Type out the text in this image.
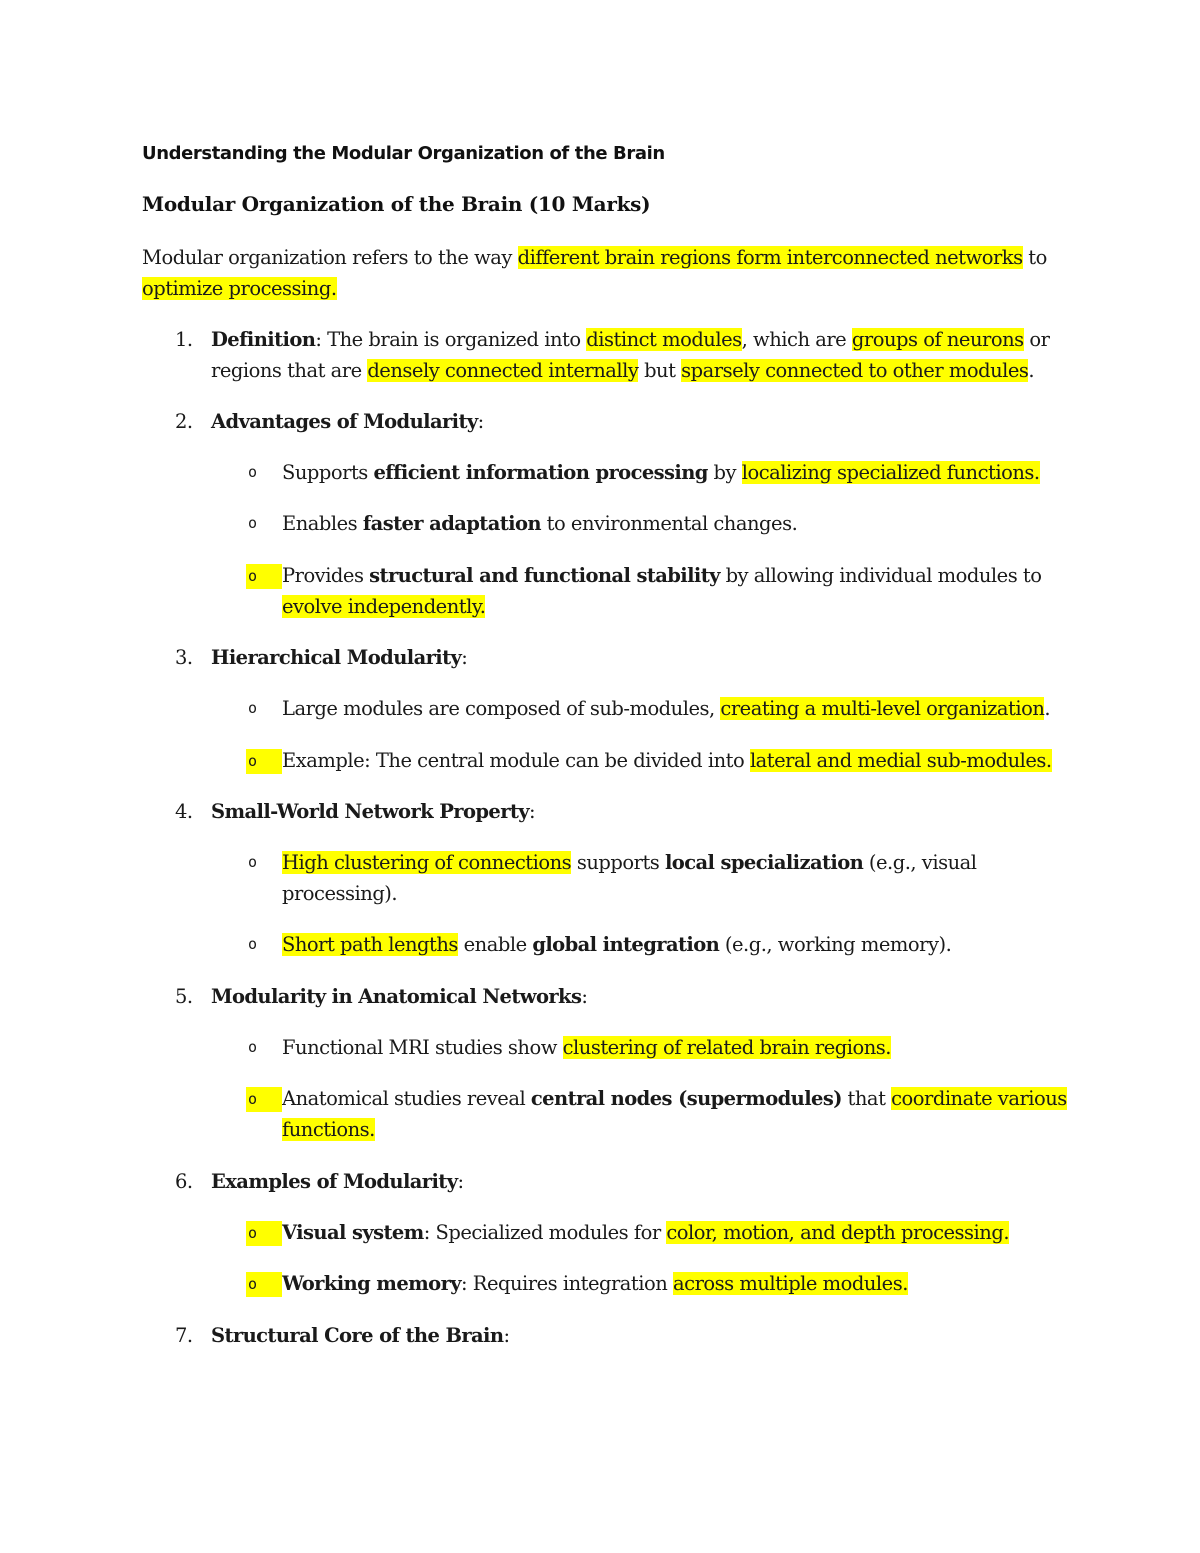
Understanding the Modular Organization of the Brain
Modular Organization of the Brain (10 Marks)
Modular organization refers to the way different brain regions form interconnected networks to optimize processing.
1. Definition: The brain is organized into distinct modules, which are groups of neurons or regions that are densely connected internally but sparsely connected to other modules.
2. Advantages of Modularity:
o	Supports efficient information processing by localizing specialized functions.
o	Enables faster adaptation to environmental changes.
o	Provides structural and functional stability by allowing individual modules to evolve independently.
3. Hierarchical Modularity:
o	Large modules are composed of sub-modules, creating a multi-level organization.
o	Example: The central module can be divided into lateral and medial sub-modules.
4. Small-World Network Property:
o	High clustering of connections supports local specialization (e.g., visual processing).
o	Short path lengths enable global integration (e.g., working memory).
5. Modularity in Anatomical Networks:
o	Functional MRI studies show clustering of related brain regions.
o	Anatomical studies reveal central nodes (supermodules) that coordinate various functions.
6. Examples of Modularity:
o	Visual system: Specialized modules for color, motion, and depth processing.
o	Working memory: Requires integration across multiple modules.
7. Structural Core of the Brain:
